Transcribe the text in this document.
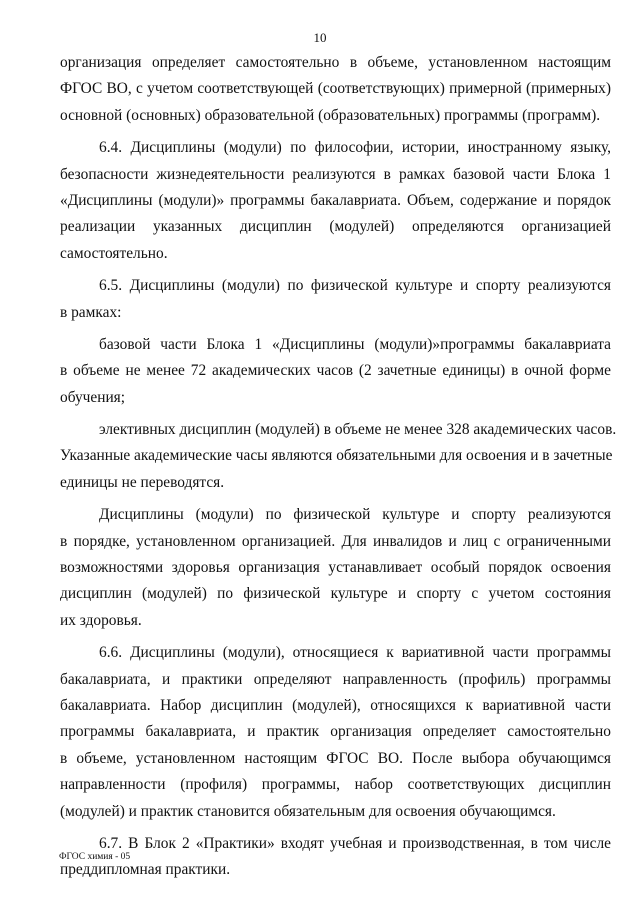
10
организация определяет самостоятельно в объеме, установленном настоящим
ФГОС ВО, с учетом соответствующей (соответствующих) примерной (примерных)
основной (основных) образовательной (образовательных) программы (программ).
6.4. Дисциплины (модули) по философии, истории, иностранному языку,
безопасности жизнедеятельности реализуются в рамках базовой части Блока 1
«Дисциплины (модули)» программы бакалавриата. Объем, содержание и порядок
реализации указанных дисциплин (модулей) определяются организацией
самостоятельно.
6.5. Дисциплины (модули) по физической культуре и спорту реализуются
в рамках:
базовой части Блока 1 «Дисциплины (модули)»программы бакалавриата
в объеме не менее 72 академических часов (2 зачетные единицы) в очной форме
обучения;
элективных дисциплин (модулей) в объеме не менее 328 академических часов.
Указанные академические часы являются обязательными для освоения и в зачетные
единицы не переводятся.
Дисциплины (модули) по физической культуре и спорту реализуются
в порядке, установленном организацией. Для инвалидов и лиц с ограниченными
возможностями здоровья организация устанавливает особый порядок освоения
дисциплин (модулей) по физической культуре и спорту с учетом состояния
их здоровья.
6.6. Дисциплины (модули), относящиеся к вариативной части программы
бакалавриата, и практики определяют направленность (профиль) программы
бакалавриата. Набор дисциплин (модулей), относящихся к вариативной части
программы бакалавриата, и практик организация определяет самостоятельно
в объеме, установленном настоящим ФГОС ВО. После выбора обучающимся
направленности (профиля) программы, набор соответствующих дисциплин
(модулей) и практик становится обязательным для освоения обучающимся.
6.7. В Блок 2 «Практики» входят учебная и производственная, в том числе
преддипломная практики.
ФГОС химия - 05
